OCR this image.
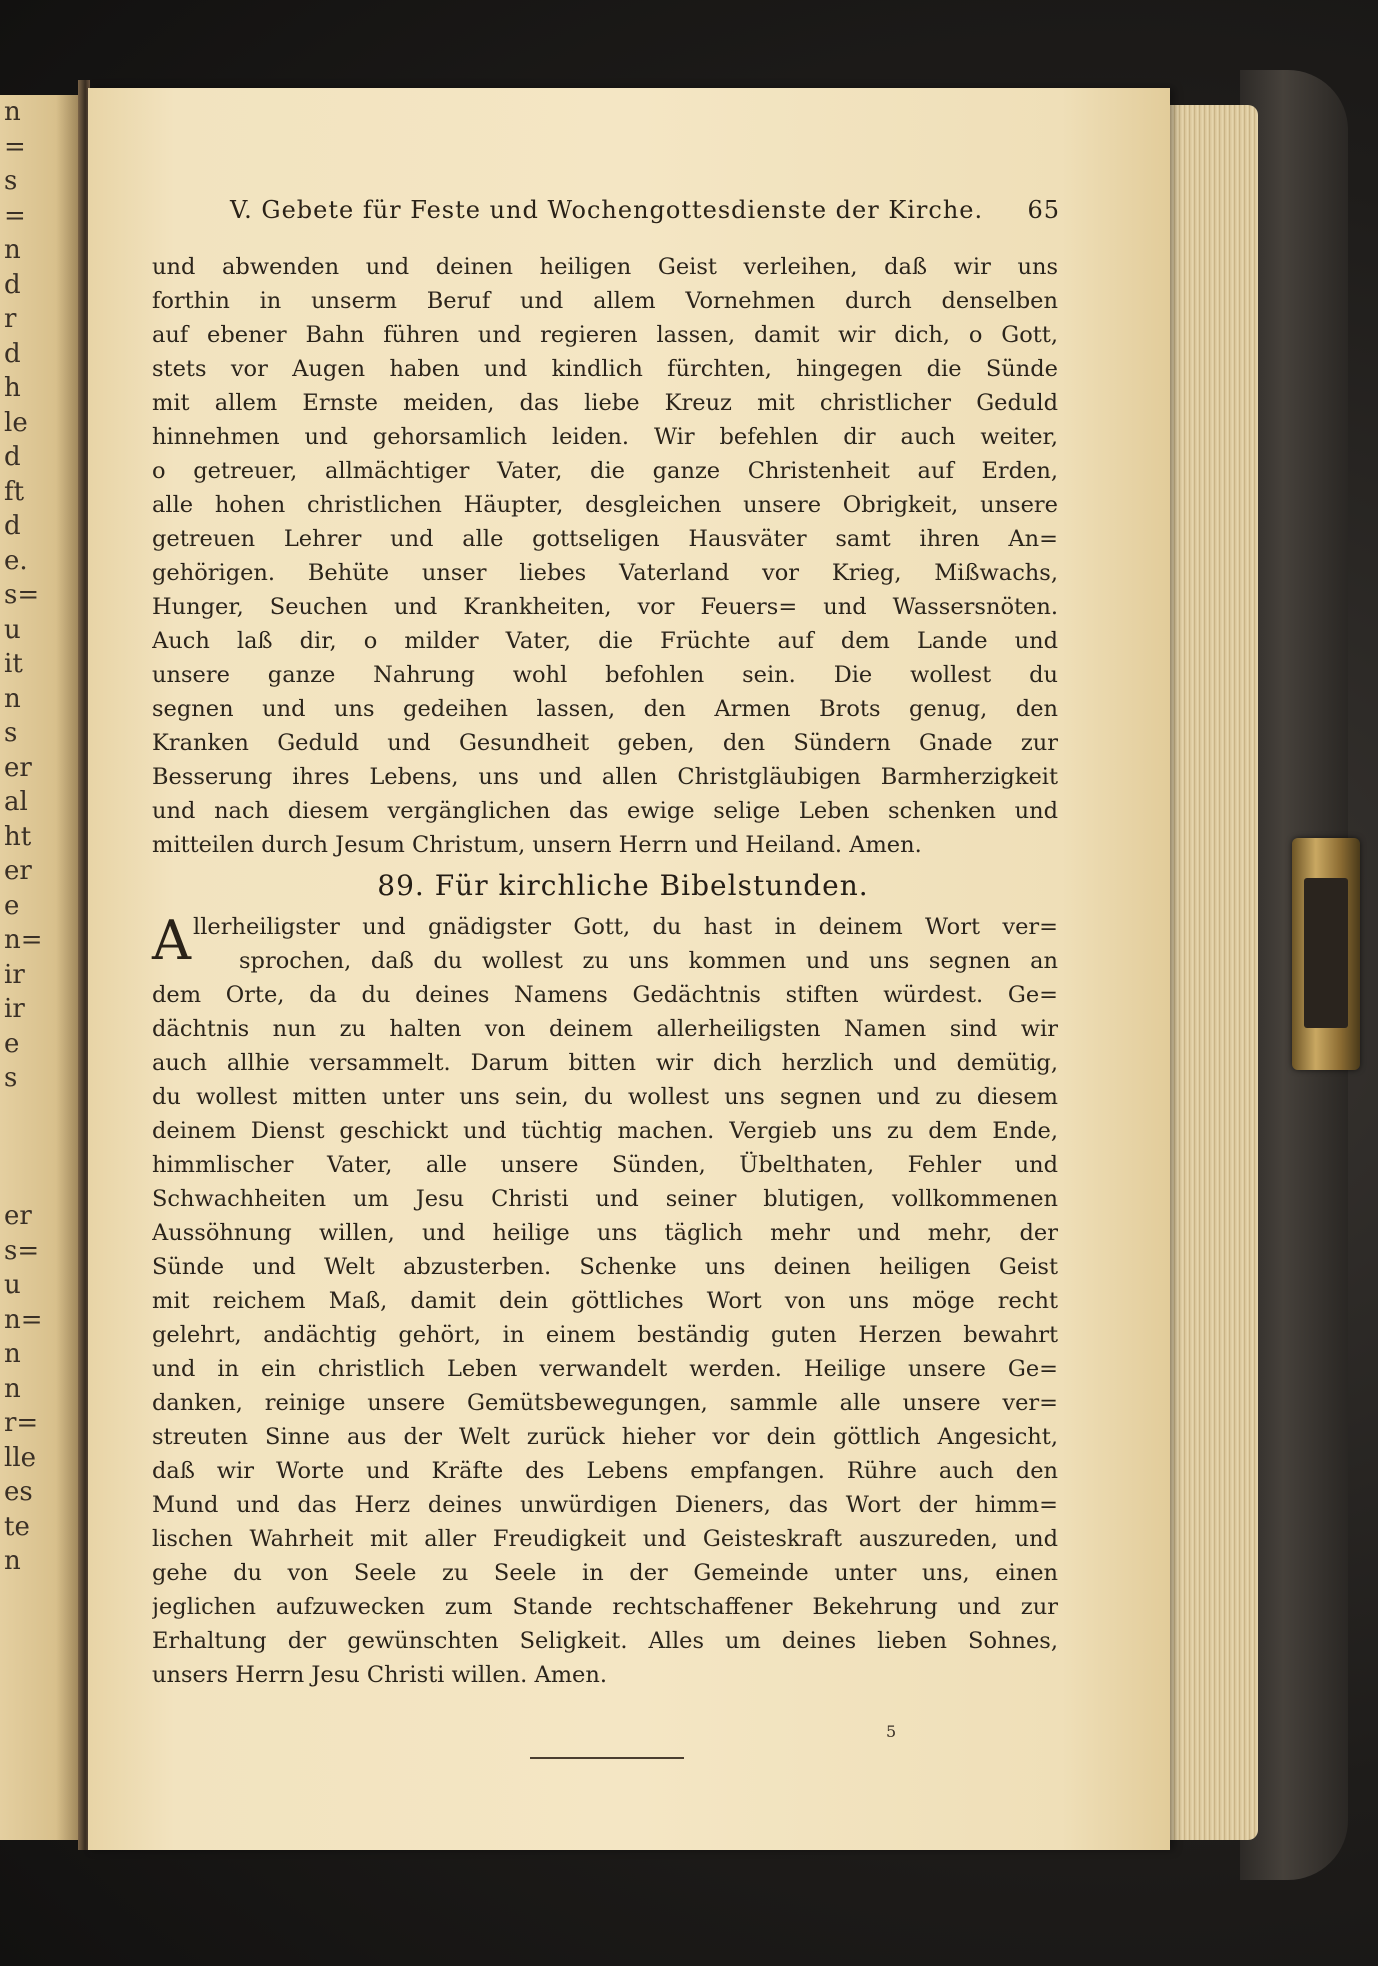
n
=
s
=
n
d
r
d
h
le
d
ft
d
e.
s=
u
it
n
s
er
al
ht
er
e
n=
ir
ir
e
s
er
s=
u
n=
n
n
r=
lle
es
te
n
V. Gebete für Feste und Wochengottesdienste der Kirche. 65
und abwenden und deinen heiligen Geist verleihen, daß wir uns
forthin in unserm Beruf und allem Vornehmen durch denselben
auf ebener Bahn führen und regieren lassen, damit wir dich, o Gott,
stets vor Augen haben und kindlich fürchten, hingegen die Sünde
mit allem Ernste meiden, das liebe Kreuz mit christlicher Geduld
hinnehmen und gehorsamlich leiden. Wir befehlen dir auch weiter,
o getreuer, allmächtiger Vater, die ganze Christenheit auf Erden,
alle hohen christlichen Häupter, desgleichen unsere Obrigkeit, unsere
getreuen Lehrer und alle gottseligen Hausväter samt ihren An=
gehörigen. Behüte unser liebes Vaterland vor Krieg, Mißwachs,
Hunger, Seuchen und Krankheiten, vor Feuers= und Wassersnöten.
Auch laß dir, o milder Vater, die Früchte auf dem Lande und
unsere ganze Nahrung wohl befohlen sein. Die wollest du
segnen und uns gedeihen lassen, den Armen Brots genug, den
Kranken Geduld und Gesundheit geben, den Sündern Gnade zur
Besserung ihres Lebens, uns und allen Christgläubigen Barmherzigkeit
und nach diesem vergänglichen das ewige selige Leben schenken und
mitteilen durch Jesum Christum, unsern Herrn und Heiland. Amen.
89. Für kirchliche Bibelstunden.
A llerheiligster und gnädigster Gott, du hast in deinem Wort ver=
sprochen, daß du wollest zu uns kommen und uns segnen an
dem Orte, da du deines Namens Gedächtnis stiften würdest. Ge=
dächtnis nun zu halten von deinem allerheiligsten Namen sind wir
auch allhie versammelt. Darum bitten wir dich herzlich und demütig,
du wollest mitten unter uns sein, du wollest uns segnen und zu diesem
deinem Dienst geschickt und tüchtig machen. Vergieb uns zu dem Ende,
himmlischer Vater, alle unsere Sünden, Übelthaten, Fehler und
Schwachheiten um Jesu Christi und seiner blutigen, vollkommenen
Aussöhnung willen, und heilige uns täglich mehr und mehr, der
Sünde und Welt abzusterben. Schenke uns deinen heiligen Geist
mit reichem Maß, damit dein göttliches Wort von uns möge recht
gelehrt, andächtig gehört, in einem beständig guten Herzen bewahrt
und in ein christlich Leben verwandelt werden. Heilige unsere Ge=
danken, reinige unsere Gemütsbewegungen, sammle alle unsere ver=
streuten Sinne aus der Welt zurück hieher vor dein göttlich Angesicht,
daß wir Worte und Kräfte des Lebens empfangen. Rühre auch den
Mund und das Herz deines unwürdigen Dieners, das Wort der himm=
lischen Wahrheit mit aller Freudigkeit und Geisteskraft auszureden, und
gehe du von Seele zu Seele in der Gemeinde unter uns, einen
jeglichen aufzuwecken zum Stande rechtschaffener Bekehrung und zur
Erhaltung der gewünschten Seligkeit. Alles um deines lieben Sohnes,
unsers Herrn Jesu Christi willen. Amen.
5
